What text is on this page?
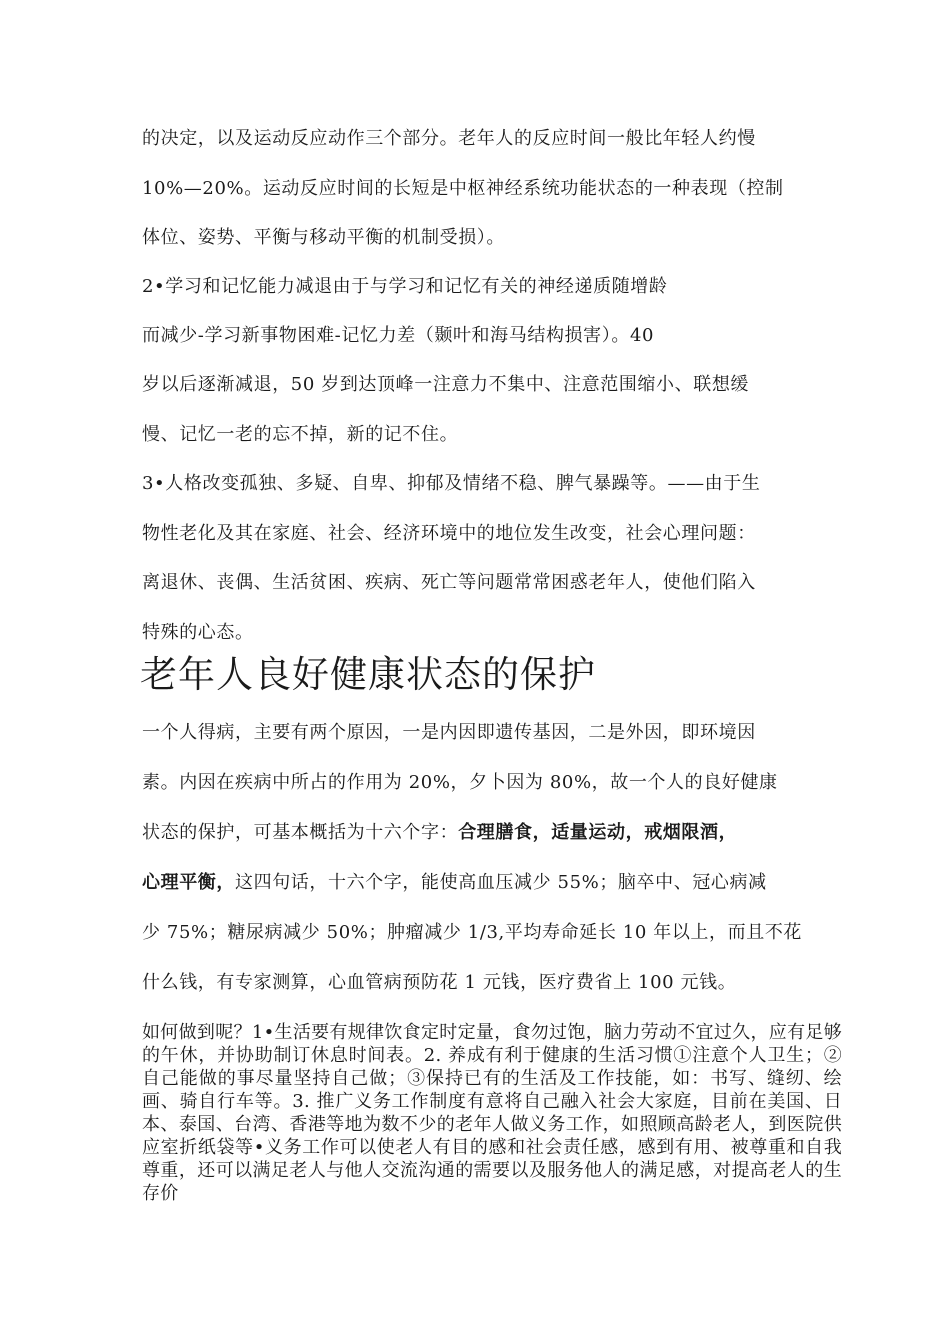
的决定，以及运动反应动作三个部分。老年人的反应时间一般比年轻人约慢
10%—20%。运动反应时间的长短是中枢神经系统功能状态的一种表现（控制
体位、姿势、平衡与移动平衡的机制受损）。
2•学习和记忆能力减退由于与学习和记忆有关的神经递质随增龄
而减少-学习新事物困难-记忆力差（颞叶和海马结构损害）。40
岁以后逐渐减退，50 岁到达顶峰一注意力不集中、注意范围缩小、联想缓
慢、记忆一老的忘不掉，新的记不住。
3•人格改变孤独、多疑、自卑、抑郁及情绪不稳、脾气暴躁等。——由于生
物性老化及其在家庭、社会、经济环境中的地位发生改变，社会心理问题：
离退休、丧偶、生活贫困、疾病、死亡等问题常常困惑老年人，使他们陷入
特殊的心态。
老年人良好健康状态的保护
一个人得病，主要有两个原因，一是内因即遗传基因，二是外因，即环境因
素。内因在疾病中所占的作用为 20%，夕卜因为 80%，故一个人的良好健康
状态的保护，可基本概括为十六个字：合理膳食，适量运动，戒烟限酒，
心理平衡，这四句话，十六个字，能使高血压减少 55%；脑卒中、冠心病减
少 75%；糖尿病减少 50%；肿瘤减少 1/3,平均寿命延长 10 年以上，而且不花
什么钱，有专家测算，心血管病预防花 1 元钱，医疗费省上 100 元钱。

如何做到呢？1•生活要有规律饮食定时定量，食勿过饱，脑力劳动不宜过久，应有足够的午休，并协助制订休息时间表。2. 养成有利于健康的生活习惯①注意个人卫生；②自己能做的事尽量坚持自己做；③保持已有的生活及工作技能，如：书写、缝纫、绘画、骑自行车等。3. 推广义务工作制度有意将自己融入社会大家庭，目前在美国、日本、泰国、台湾、香港等地为数不少的老年人做义务工作，如照顾高龄老人，到医院供应室折纸袋等•义务工作可以使老人有目的感和社会责任感，感到有用、被尊重和自我尊重，还可以满足老人与他人交流沟通的需要以及服务他人的满足感，对提高老人的生存价
